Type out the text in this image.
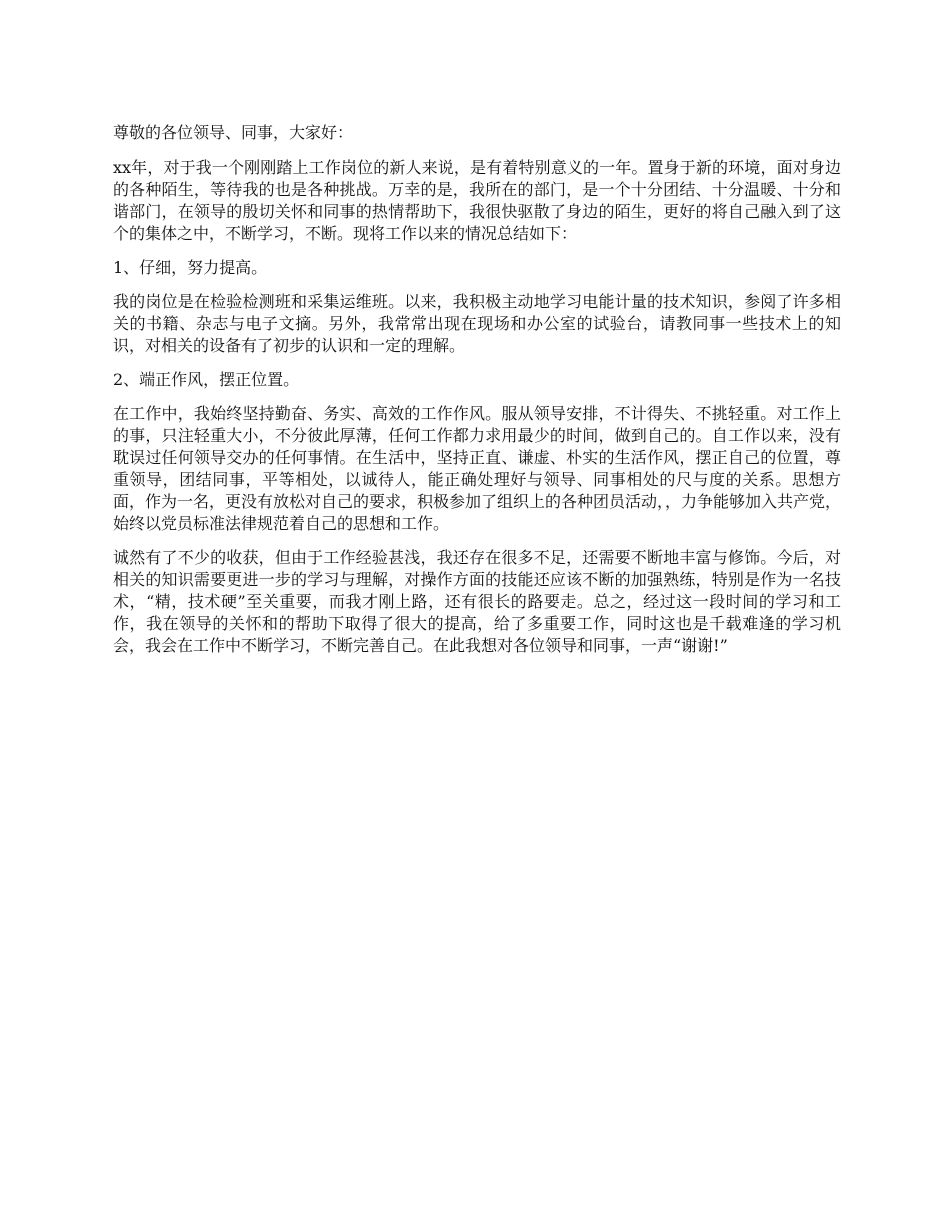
尊敬的各位领导、同事，大家好：

xx年，对于我一个刚刚踏上工作岗位的新人来说，是有着特别意义的一年。置身于新的环境，面对身边的各种陌生，等待我的也是各种挑战。万幸的是，我所在的部门，是一个十分团结、十分温暖、十分和谐部门，在领导的殷切关怀和同事的热情帮助下，我很快驱散了身边的陌生，更好的将自己融入到了这个的集体之中，不断学习，不断。现将工作以来的情况总结如下：

1、仔细，努力提高。

我的岗位是在检验检测班和采集运维班。以来，我积极主动地学习电能计量的技术知识，参阅了许多相关的书籍、杂志与电子文摘。另外，我常常出现在现场和办公室的试验台，请教同事一些技术上的知识，对相关的设备有了初步的认识和一定的理解。

2、端正作风，摆正位置。

在工作中，我始终坚持勤奋、务实、高效的工作作风。服从领导安排，不计得失、不挑轻重。对工作上的事，只注轻重大小，不分彼此厚薄，任何工作都力求用最少的时间，做到自己的。自工作以来，没有耽误过任何领导交办的任何事情。在生活中，坚持正直、谦虚、朴实的生活作风，摆正自己的位置，尊重领导，团结同事，平等相处，以诚待人，能正确处理好与领导、同事相处的尺与度的关系。思想方面，作为一名，更没有放松对自己的要求，积极参加了组织上的各种团员活动，，力争能够加入共产党，始终以党员标准法律规范着自己的思想和工作。

诚然有了不少的收获，但由于工作经验甚浅，我还存在很多不足，还需要不断地丰富与修饰。今后，对相关的知识需要更进一步的学习与理解，对操作方面的技能还应该不断的加强熟练，特别是作为一名技术，“精，技术硬”至关重要，而我才刚上路，还有很长的路要走。总之，经过这一段时间的学习和工作，我在领导的关怀和的帮助下取得了很大的提高，给了多重要工作，同时这也是千载难逢的学习机会，我会在工作中不断学习，不断完善自己。在此我想对各位领导和同事，一声“谢谢!”
